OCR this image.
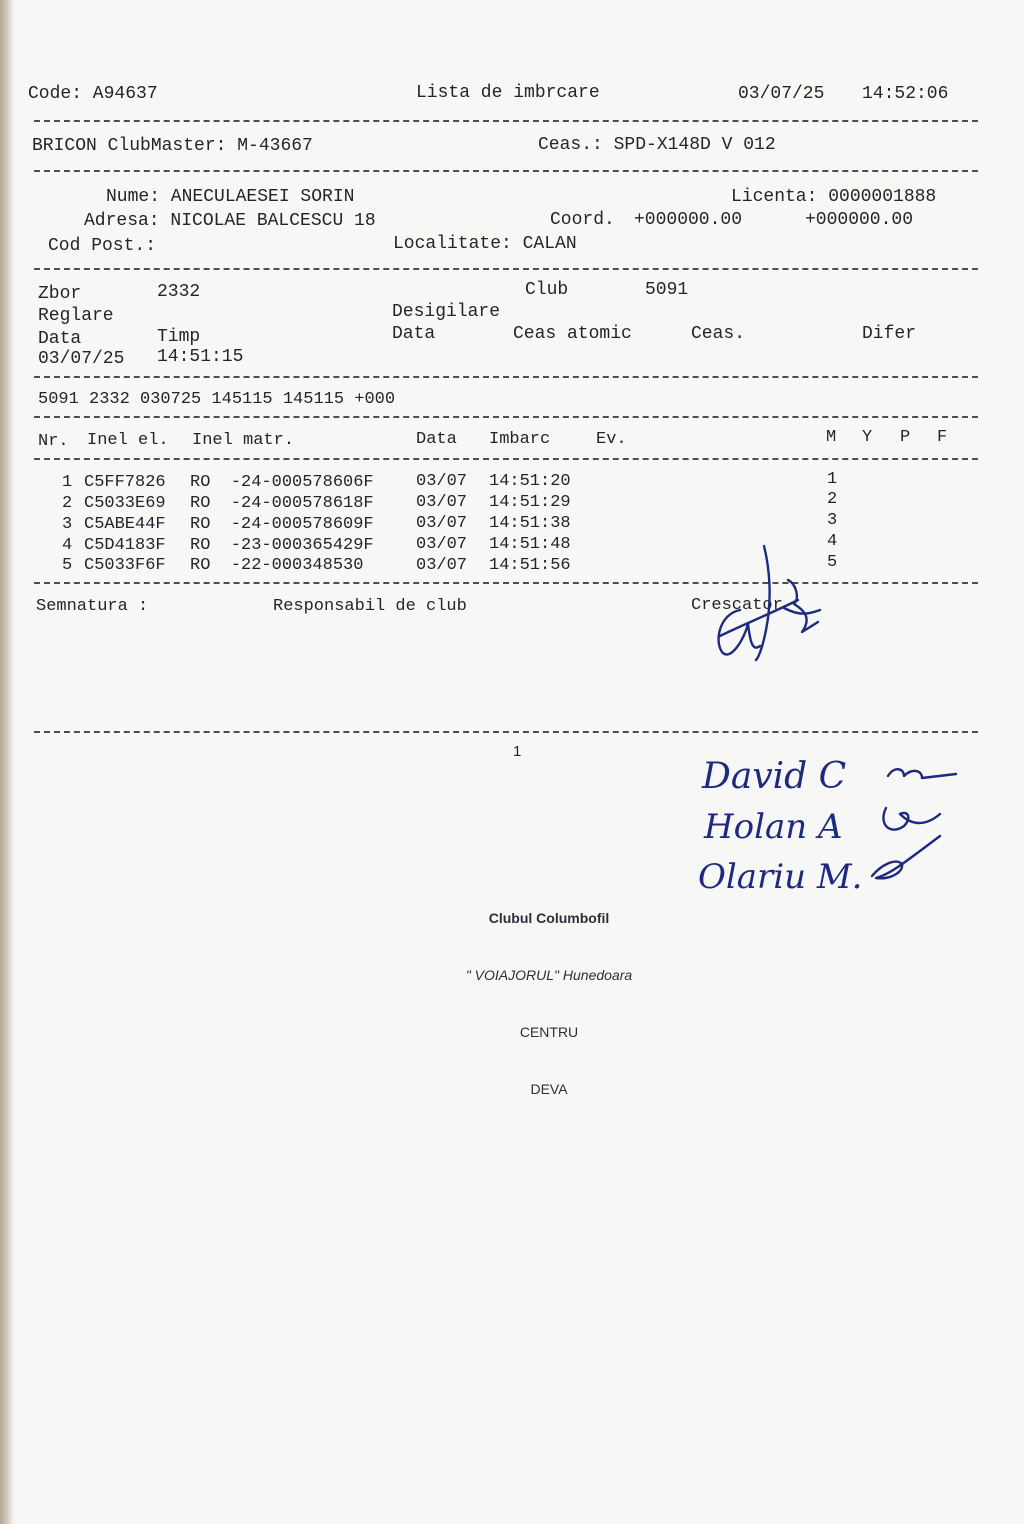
Code: A94637	Lista de imbrcare	03/07/25 14:52:06
BRICON ClubMaster: M-43667	Ceas.: SPD-X148D V 012
Nume: ANECULAESEI SORIN	Licenta: 0000001888
Adresa: NICOLAE BALCESCU 18	Coord. +000000.00	+000000.00
Cod Post.:	Localitate: CALAN
Zbor	2332	Club	5091
Reglare	Desigilare
Data	Timp	Data	Ceas atomic	Ceas.	Difer
03/07/25 14:51:15
5091 2332 030725 145115 145115 +000
Nr. Inel el. Inel matr.	Data Imbarc	Ev.	M Y P F
1 C5FF7826 RO  -24-000578606F 03/07 14:51:20	1
2 C5033E69 RO  -24-000578618F 03/07 14:51:29	2
3 C5ABE44F RO  -24-000578609F 03/07 14:51:38	3
4 C5D4183F RO  -23-000365429F 03/07 14:51:48	4
5 C5033F6F RO  -22-000348530 03/07 14:51:56	5
Semnatura :	Responsabil de club	Crescator
1
David C
Holan A
Olariu M.

Clubul Columbofil

" VOIAJORUL" Hunedoara

CENTRU

DEVA
